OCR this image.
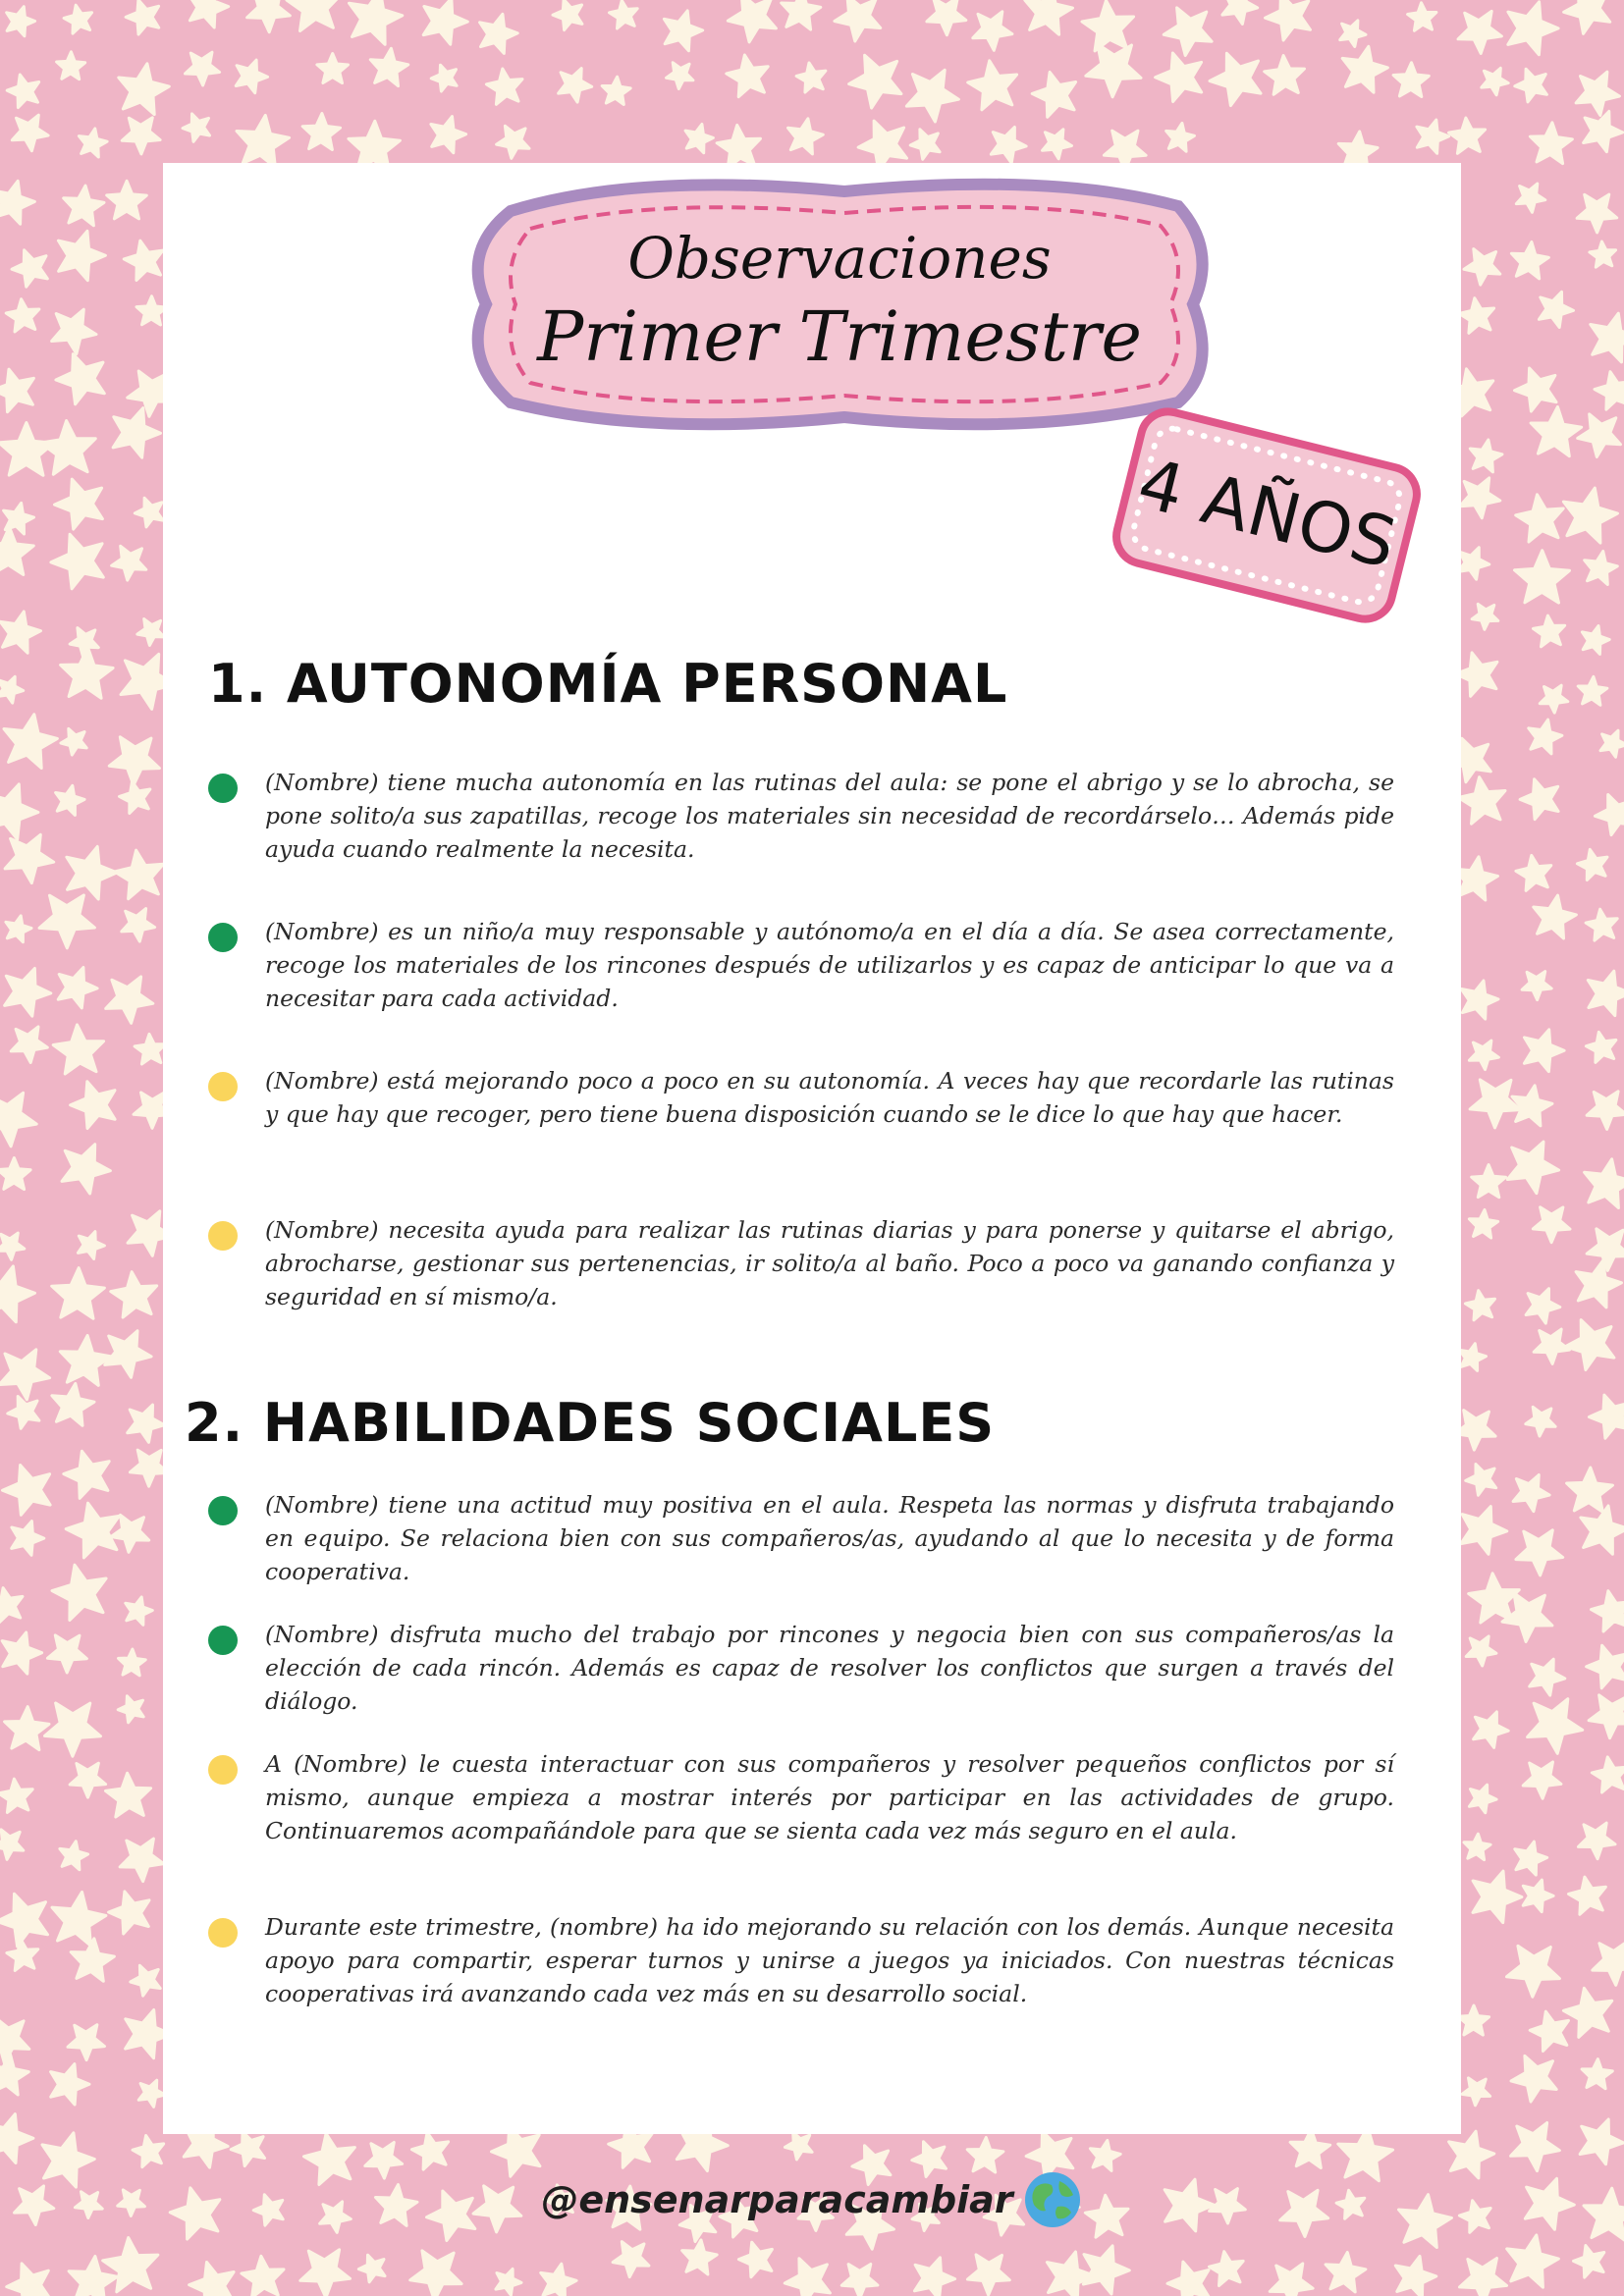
Observaciones
Primer Trimestre
4 AÑOS
1. AUTONOMÍA PERSONAL

(Nombre) tiene mucha autonomía en las rutinas del aula: se pone el abrigo y se lo abrocha, se pone solito/a sus zapatillas, recoge los materiales sin necesidad de recordárselo… Además pide ayuda cuando realmente la necesita.

(Nombre) es un niño/a muy responsable y autónomo/a en el día a día. Se asea correctamente, recoge los materiales de los rincones después de utilizarlos y es capaz de anticipar lo que va a necesitar para cada actividad.

(Nombre) está mejorando poco a poco en su autonomía. A veces hay que recordarle las rutinas y que hay que recoger, pero tiene buena disposición cuando se le dice lo que hay que hacer.

(Nombre) necesita ayuda para realizar las rutinas diarias y para ponerse y quitarse el abrigo, abrocharse, gestionar sus pertenencias, ir solito/a al baño. Poco a poco va ganando confianza y seguridad en sí mismo/a.

2. HABILIDADES SOCIALES

(Nombre) tiene una actitud muy positiva en el aula. Respeta las normas y disfruta trabajando en equipo. Se relaciona bien con sus compañeros/as, ayudando al que lo necesita y de forma cooperativa.

(Nombre) disfruta mucho del trabajo por rincones y negocia bien con sus compañeros/as la elección de cada rincón. Además es capaz de resolver los conflictos que surgen a través del diálogo.

A (Nombre) le cuesta interactuar con sus compañeros y resolver pequeños conflictos por sí mismo, aunque empieza a mostrar interés por participar en las actividades de grupo. Continuaremos acompañándole para que se sienta cada vez más seguro en el aula.

Durante este trimestre, (nombre) ha ido mejorando su relación con los demás. Aunque necesita apoyo para compartir, esperar turnos y unirse a juegos ya iniciados. Con nuestras técnicas cooperativas irá avanzando cada vez más en su desarrollo social.

@ensenarparacambiar
